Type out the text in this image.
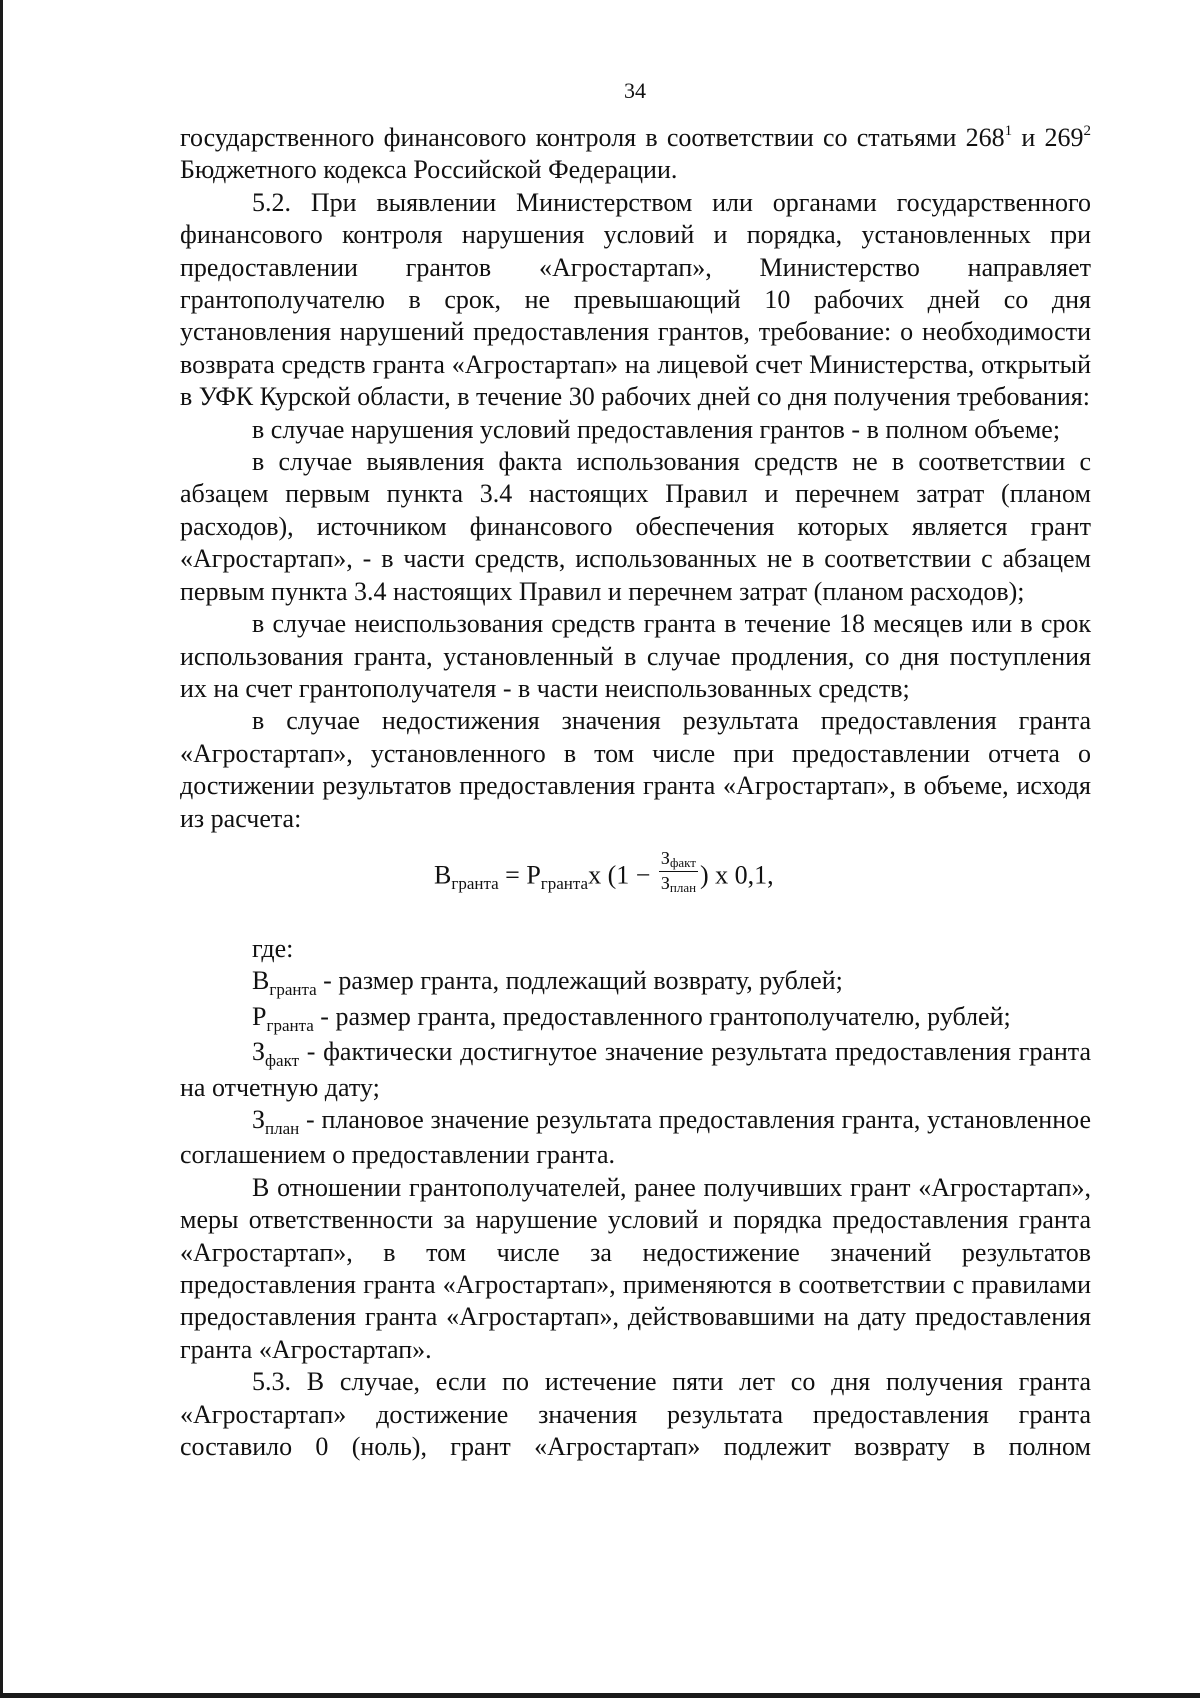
34

государственного финансового контроля в соответствии со статьями $268^1$ и $269^2$ Бюджетного кодекса Российской Федерации.

5.2. При выявлении Министерством или органами государственного финансового контроля нарушения условий и порядка, установленных при предоставлении грантов «Агростартап», Министерство направляет грантополучателю в срок, не превышающий 10 рабочих дней со дня установления нарушений предоставления грантов, требование: о необходимости возврата средств гранта «Агростартап» на лицевой счет Министерства, открытый в УФК Курской области, в течение 30 рабочих дней со дня получения требования:

в случае нарушения условий предоставления грантов - в полном объеме;

в случае выявления факта использования средств не в соответствии с абзацем первым пункта 3.4 настоящих Правил и перечнем затрат (планом расходов), источником финансового обеспечения которых является грант «Агростартап», - в части средств, использованных не в соответствии с абзацем первым пункта 3.4 настоящих Правил и перечнем затрат (планом расходов);

в случае неиспользования средств гранта в течение 18 месяцев или в срок использования гранта, установленный в случае продления, со дня поступления их на счет грантополучателя - в части неиспользованных средств;

в случае недостижения значения результата предоставления гранта «Агростартап», установленного в том числе при предоставлении отчета о достижении результатов предоставления гранта «Агростартап», в объеме, исходя из расчета:

$В_{гранта} = Р_{гранта}х$ ($1 - \frac{\text{Зфакт}}{\text{Зплан}}$ ) х 0,1,

где:

$В_{гранта}$ - размер гранта, подлежащий возврату, рублей;

$Р_{гранта}$ - размер гранта, предоставленного грантополучателю, рублей;

$З_{факт}$ - фактически достигнутое значение результата предоставления гранта на отчетную дату;

$З_{план}$ - плановое значение результата предоставления гранта, установленное соглашением о предоставлении гранта.

В отношении грантополучателей, ранее получивших грант «Агростартап», меры ответственности за нарушение условий и порядка предоставления гранта «Агростартап», в том числе за недостижение значений результатов предоставления гранта «Агростартап», применяются в соответствии с правилами предоставления гранта «Агростартап», действовавшими на дату предоставления гранта «Агростартап».

5.3. В случае, если по истечение пяти лет со дня получения гранта «Агростартап» достижение значения результата предоставления гранта составило 0 (ноль), грант «Агростартап» подлежит возврату в полном
